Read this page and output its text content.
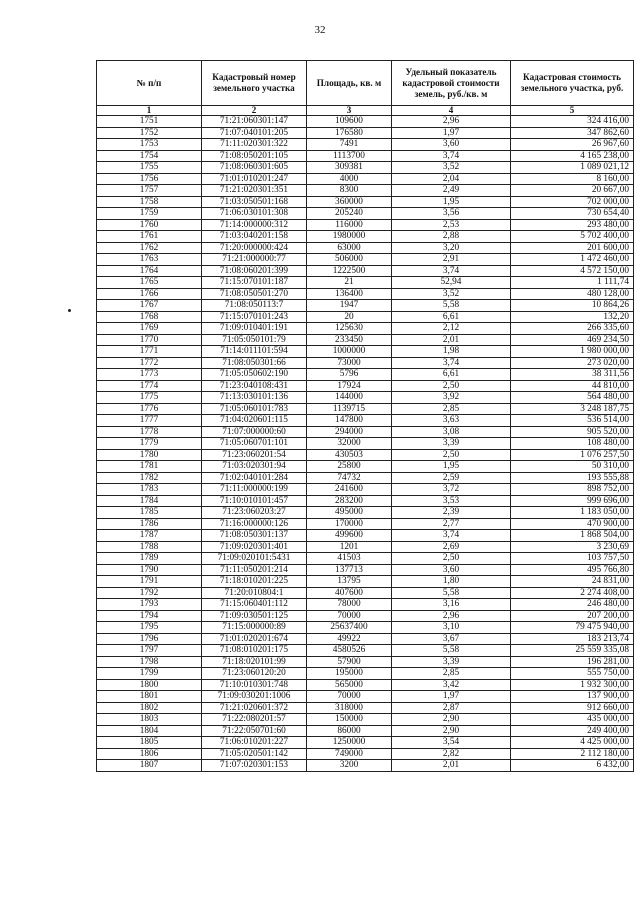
32
№ п/п	Кадастровый номер земельного участка	Площадь, кв. м	Удельный показатель кадастровой стоимости земель, руб./кв. м	Кадастровая стоимость земельного участка, руб.
1	2	3	4	5
1751	71:21:060301:147	109600	2,96	324 416,00
1752	71:07:040101:205	176580	1,97	347 862,60
1753	71:11:020301:322	7491	3,60	26 967,60
1754	71:08:050201:105	1113700	3,74	4 165 238,00
1755	71:08:060301:605	309381	3,52	1 089 021,12
1756	71:01:010201:247	4000	2,04	8 160,00
1757	71:21:020301:351	8300	2,49	20 667,00
1758	71:03:050501:168	360000	1,95	702 000,00
1759	71:06:030101:308	205240	3,56	730 654,40
1760	71:14:000000:312	116000	2,53	293 480,00
1761	71:03:040201:158	1980000	2,88	5 702 400,00
1762	71:20:000000:424	63000	3,20	201 600,00
1763	71:21:000000:77	506000	2,91	1 472 460,00
1764	71:08:060201:399	1222500	3,74	4 572 150,00
1765	71:15:070101:187	21	52,94	1 111,74
1766	71:08:050501:270	136400	3,52	480 128,00
1767	71:08:050113:7	1947	5,58	10 864,26
1768	71:15:070101:243	20	6,61	132,20
1769	71:09:010401:191	125630	2,12	266 335,60
1770	71:05:050101:79	233450	2,01	469 234,50
1771	71:14:011101:594	1000000	1,98	1 980 000,00
1772	71:08:050301:66	73000	3,74	273 020,00
1773	71:05:050602:190	5796	6,61	38 311,56
1774	71:23:040108:431	17924	2,50	44 810,00
1775	71:13:030101:136	144000	3,92	564 480,00
1776	71:05:060101:783	1139715	2,85	3 248 187,75
1777	71:04:020601:115	147800	3,63	536 514,00
1778	71:07:000000:60	294000	3,08	905 520,00
1779	71:05:060701:101	32000	3,39	108 480,00
1780	71:23:060201:54	430503	2,50	1 076 257,50
1781	71:03:020301:94	25800	1,95	50 310,00
1782	71:02:040101:284	74732	2,59	193 555,88
1783	71:11:000000:199	241600	3,72	898 752,00
1784	71:10:010101:457	283200	3,53	999 696,00
1785	71:23:060203:27	495000	2,39	1 183 050,00
1786	71:16:000000:126	170000	2,77	470 900,00
1787	71:08:050301:137	499600	3,74	1 868 504,00
1788	71:09:020301:401	1201	2,69	3 230,69
1789	71:09:020101:5431	41503	2,50	103 757,50
1790	71:11:050201:214	137713	3,60	495 766,80
1791	71:18:010201:225	13795	1,80	24 831,00
1792	71:20:010804:1	407600	5,58	2 274 408,00
1793	71:15:060401:112	78000	3,16	246 480,00
1794	71:09:030501:125	70000	2,96	207 200,00
1795	71:15:000000:89	25637400	3,10	79 475 940,00
1796	71:01:020201:674	49922	3,67	183 213,74
1797	71:08:010201:175	4580526	5,58	25 559 335,08
1798	71:18:020101:99	57900	3,39	196 281,00
1799	71:23:060120:20	195000	2,85	555 750,00
1800	71:10:010301:748	565000	3,42	1 932 300,00
1801	71:09:030201:1006	70000	1,97	137 900,00
1802	71:21:020601:372	318000	2,87	912 660,00
1803	71:22:080201:57	150000	2,90	435 000,00
1804	71:22:050701:60	86000	2,90	249 400,00
1805	71:06:010201:227	1250000	3,54	4 425 000,00
1806	71:05:020501:142	749000	2,82	2 112 180,00
1807	71:07:020301:153	3200	2,01	6 432,00
